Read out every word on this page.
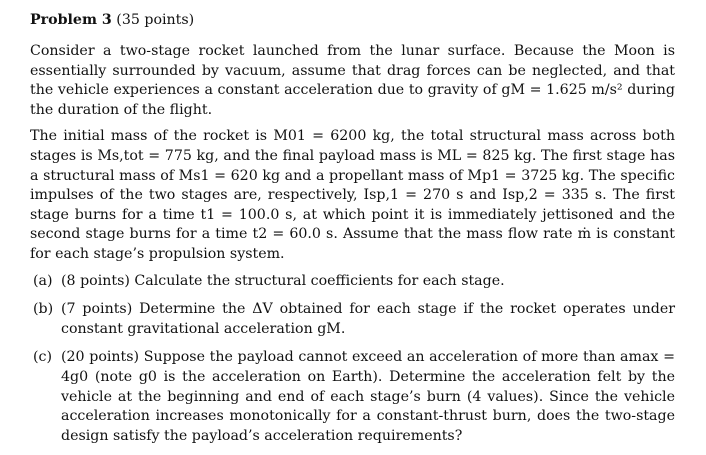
Problem 3 (35 points)

Consider a two-stage rocket launched from the lunar surface. Because the Moon is essentially surrounded by vacuum, assume that drag forces can be neglected, and that the vehicle experiences a constant acceleration due to gravity of gM = 1.625 m/s² during the duration of the flight.

The initial mass of the rocket is M01 = 6200 kg, the total structural mass across both stages is Ms,tot = 775 kg, and the final payload mass is ML = 825 kg. The first stage has a structural mass of Ms1 = 620 kg and a propellant mass of Mp1 = 3725 kg. The specific impulses of the two stages are, respectively, Isp,1 = 270 s and Isp,2 = 335 s. The first stage burns for a time t1 = 100.0 s, at which point it is immediately jettisoned and the second stage burns for a time t2 = 60.0 s. Assume that the mass flow rate ṁ is constant for each stage’s propulsion system.

(a) (8 points) Calculate the structural coefficients for each stage.
(b) (7 points) Determine the ΔV obtained for each stage if the rocket operates under constant gravitational acceleration gM.
(c) (20 points) Suppose the payload cannot exceed an acceleration of more than amax = 4g0 (note g0 is the acceleration on Earth). Determine the acceleration felt by the vehicle at the beginning and end of each stage’s burn (4 values). Since the vehicle acceleration increases monotonically for a constant-thrust burn, does the two-stage design satisfy the payload’s acceleration requirements?
